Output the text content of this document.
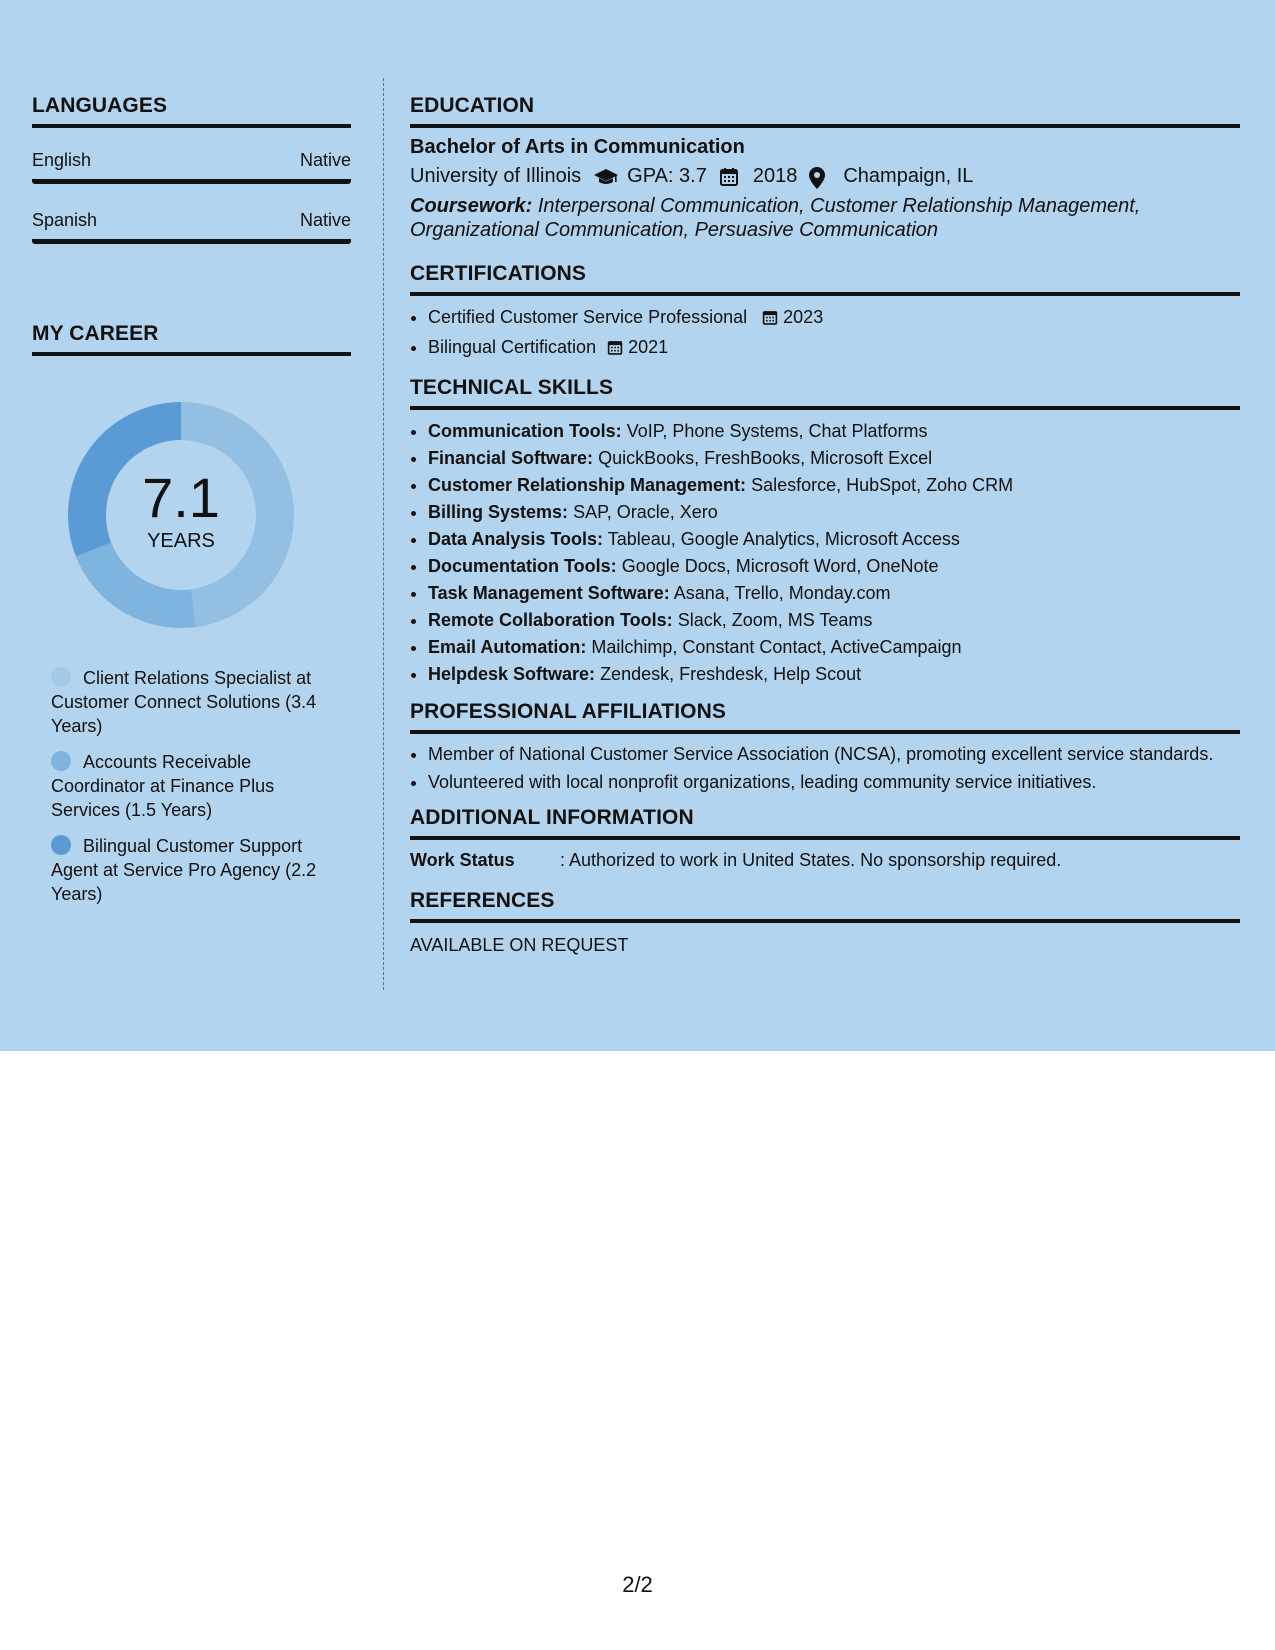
LANGUAGES
English	Native
Spanish	Native
MY CAREER
7.1
YEARS
Client Relations Specialist at Customer Connect Solutions (3.4 Years)
Accounts Receivable Coordinator at Finance Plus Services (1.5 Years)
Bilingual Customer Support Agent at Service Pro Agency (2.2 Years)
EDUCATION
Bachelor of Arts in Communication
University of Illinois GPA: 3.7 2018 Champaign, IL
Coursework: Interpersonal Communication, Customer Relationship Management, Organizational Communication, Persuasive Communication
CERTIFICATIONS
• Certified Customer Service Professional 2023
• Bilingual Certification 2021
TECHNICAL SKILLS
• Communication Tools: VoIP, Phone Systems, Chat Platforms
• Financial Software: QuickBooks, FreshBooks, Microsoft Excel
• Customer Relationship Management: Salesforce, HubSpot, Zoho CRM
• Billing Systems: SAP, Oracle, Xero
• Data Analysis Tools: Tableau, Google Analytics, Microsoft Access
• Documentation Tools: Google Docs, Microsoft Word, OneNote
• Task Management Software: Asana, Trello, Monday.com
• Remote Collaboration Tools: Slack, Zoom, MS Teams
• Email Automation: Mailchimp, Constant Contact, ActiveCampaign
• Helpdesk Software: Zendesk, Freshdesk, Help Scout
PROFESSIONAL AFFILIATIONS
• Member of National Customer Service Association (NCSA), promoting excellent service standards.
• Volunteered with local nonprofit organizations, leading community service initiatives.
ADDITIONAL INFORMATION
Work Status	: Authorized to work in United States. No sponsorship required.
REFERENCES
AVAILABLE ON REQUEST
2/2
